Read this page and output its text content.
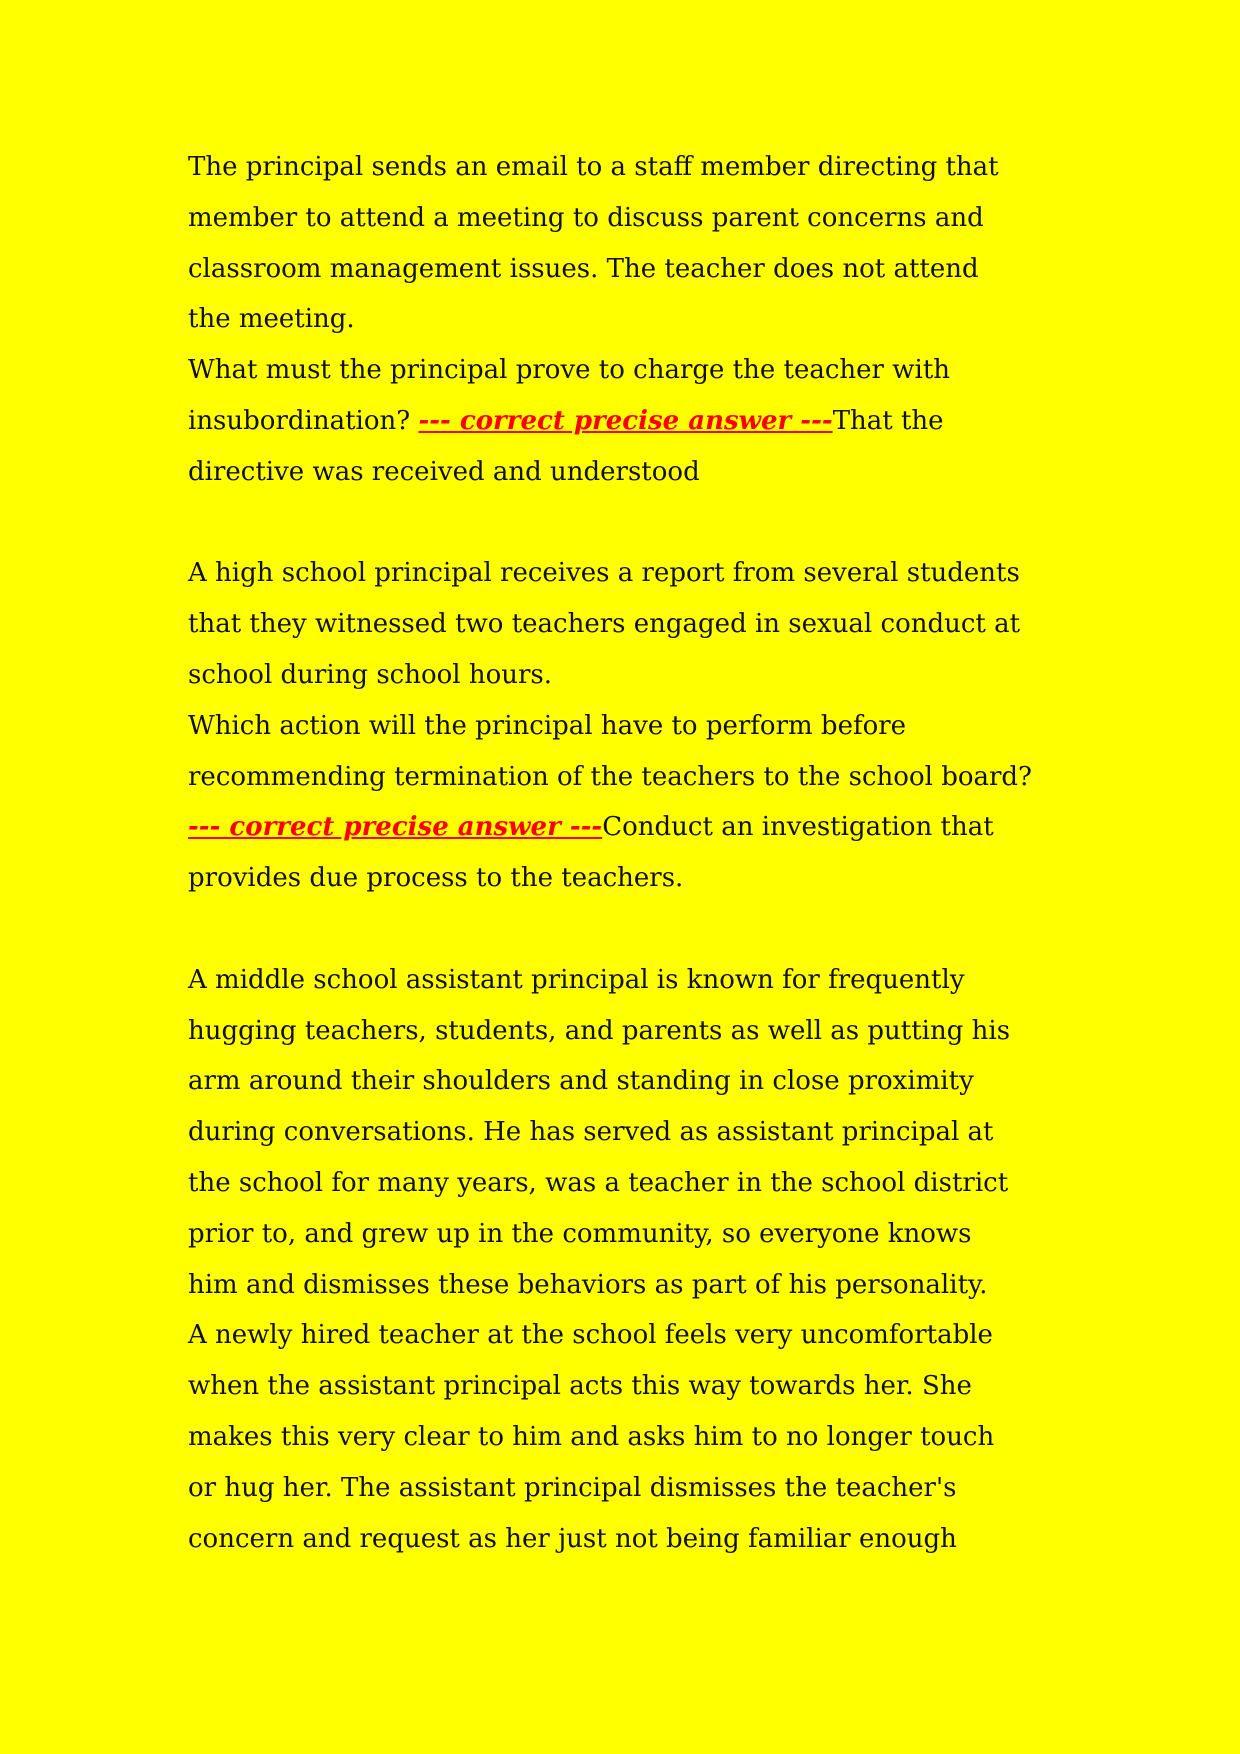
The principal sends an email to a staff member directing that
member to attend a meeting to discuss parent concerns and
classroom management issues. The teacher does not attend
the meeting.
What must the principal prove to charge the teacher with
insubordination? --- correct precise answer ---That the
directive was received and understood
A high school principal receives a report from several students
that they witnessed two teachers engaged in sexual conduct at
school during school hours.
Which action will the principal have to perform before
recommending termination of the teachers to the school board?
--- correct precise answer ---Conduct an investigation that
provides due process to the teachers.
A middle school assistant principal is known for frequently
hugging teachers, students, and parents as well as putting his
arm around their shoulders and standing in close proximity
during conversations. He has served as assistant principal at
the school for many years, was a teacher in the school district
prior to, and grew up in the community, so everyone knows
him and dismisses these behaviors as part of his personality.
A newly hired teacher at the school feels very uncomfortable
when the assistant principal acts this way towards her. She
makes this very clear to him and asks him to no longer touch
or hug her. The assistant principal dismisses the teacher's
concern and request as her just not being familiar enough
